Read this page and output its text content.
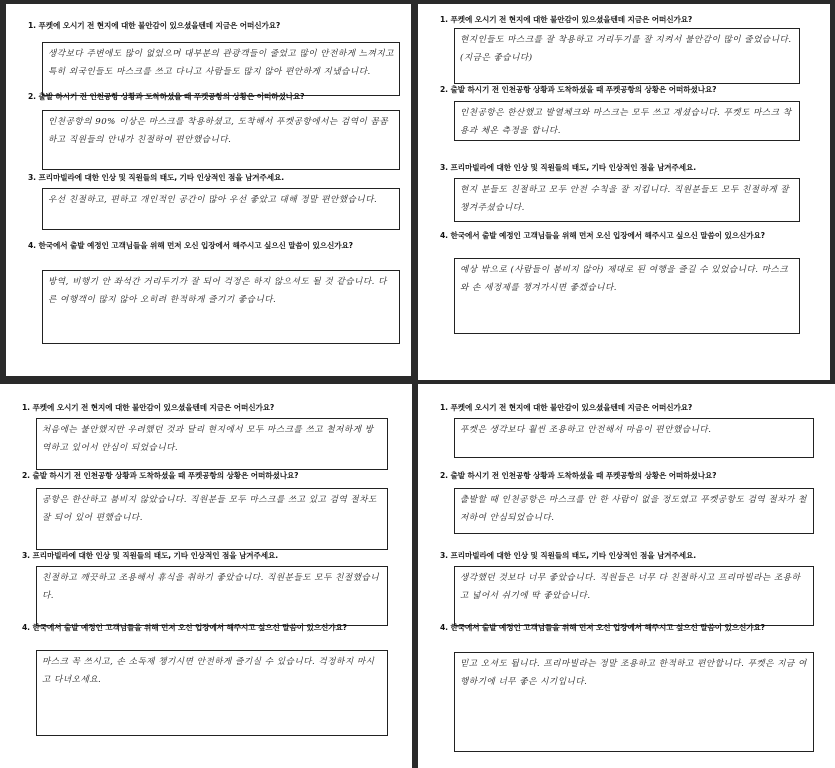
1. 푸켓에 오시기 전 현지에 대한 불안감이 있으셨을텐데 지금은 어떠신가요?
생각보다 주변에도 많이 없었으며 대부분의 관광객들이 줄었고 많이 안전하게 느껴지고 특히 외국인들도 마스크를 쓰고 다니고 사람들도 많지 않아 편안하게 지냈습니다.
2. 출발 하시기 전 인천공항 상황과 도착하셨을 때 푸켓공항의 상황은 어떠하셨나요?
인천공항의 90% 이상은 마스크를 착용하셨고, 도착해서 푸켓공항에서는 검역이 꼼꼼하고 직원들의 안내가 친절하여 편안했습니다.
3. 프리마빌라에 대한 인상 및 직원들의 태도, 기타 인상적인 점을 남겨주세요.
우선 친절하고, 편하고 개인적인 공간이 많아 우선 좋았고 대해 정말 편안했습니다.
4. 한국에서 출발 예정인 고객님들을 위해 먼저 오신 입장에서 해주시고 싶으신 말씀이 있으신가요?
방역, 비행기 안 좌석간 거리두기가 잘 되어 걱정은 하지 않으셔도 될 것 같습니다. 다른 여행객이 많지 않아 오히려 한적하게 즐기기 좋습니다.
1. 푸켓에 오시기 전 현지에 대한 불안감이 있으셨을텐데 지금은 어떠신가요?
현지인들도 마스크를 잘 착용하고 거리두기를 잘 지켜서 불안감이 많이 줄었습니다. (지금은 좋습니다)
2. 출발 하시기 전 인천공항 상황과 도착하셨을 때 푸켓공항의 상황은 어떠하셨나요?
인천공항은 한산했고 발열체크와 마스크는 모두 쓰고 계셨습니다. 푸켓도 마스크 착용과 체온 측정을 합니다.
3. 프리마빌라에 대한 인상 및 직원들의 태도, 기타 인상적인 점을 남겨주세요.
현지 분들도 친절하고 모두 안전 수칙을 잘 지킵니다. 직원분들도 모두 친절하게 잘 챙겨주셨습니다.
4. 한국에서 출발 예정인 고객님들을 위해 먼저 오신 입장에서 해주시고 싶으신 말씀이 있으신가요?
예상 밖으로 (사람들이 붐비지 않아) 제대로 된 여행을 즐길 수 있었습니다. 마스크와 손 세정제를 챙겨가시면 좋겠습니다.
1. 푸켓에 오시기 전 현지에 대한 불안감이 있으셨을텐데 지금은 어떠신가요?
처음에는 불안했지만 우려했던 것과 달리 현지에서 모두 마스크를 쓰고 철저하게 방역하고 있어서 안심이 되었습니다.
2. 출발 하시기 전 인천공항 상황과 도착하셨을 때 푸켓공항의 상황은 어떠하셨나요?
공항은 한산하고 붐비지 않았습니다. 직원분들 모두 마스크를 쓰고 있고 검역 절차도 잘 되어 있어 편했습니다.
3. 프리마빌라에 대한 인상 및 직원들의 태도, 기타 인상적인 점을 남겨주세요.
친절하고 깨끗하고 조용해서 휴식을 취하기 좋았습니다. 직원분들도 모두 친절했습니다.
4. 한국에서 출발 예정인 고객님들을 위해 먼저 오신 입장에서 해주시고 싶으신 말씀이 있으신가요?
마스크 꼭 쓰시고, 손 소독제 챙기시면 안전하게 즐기실 수 있습니다. 걱정하지 마시고 다녀오세요.
1. 푸켓에 오시기 전 현지에 대한 불안감이 있으셨을텐데 지금은 어떠신가요?
푸켓은 생각보다 훨씬 조용하고 안전해서 마음이 편안했습니다.
2. 출발 하시기 전 인천공항 상황과 도착하셨을 때 푸켓공항의 상황은 어떠하셨나요?
출발할 때 인천공항은 마스크를 안 한 사람이 없을 정도였고 푸켓공항도 검역 절차가 철저하여 안심되었습니다.
3. 프리마빌라에 대한 인상 및 직원들의 태도, 기타 인상적인 점을 남겨주세요.
생각했던 것보다 너무 좋았습니다. 직원들은 너무 다 친절하시고 프리마빌라는 조용하고 넓어서 쉬기에 딱 좋았습니다.
4. 한국에서 출발 예정인 고객님들을 위해 먼저 오신 입장에서 해주시고 싶으신 말씀이 있으신가요?
믿고 오셔도 됩니다. 프리마빌라는 정말 조용하고 한적하고 편안합니다. 푸켓은 지금 여행하기에 너무 좋은 시기입니다.
